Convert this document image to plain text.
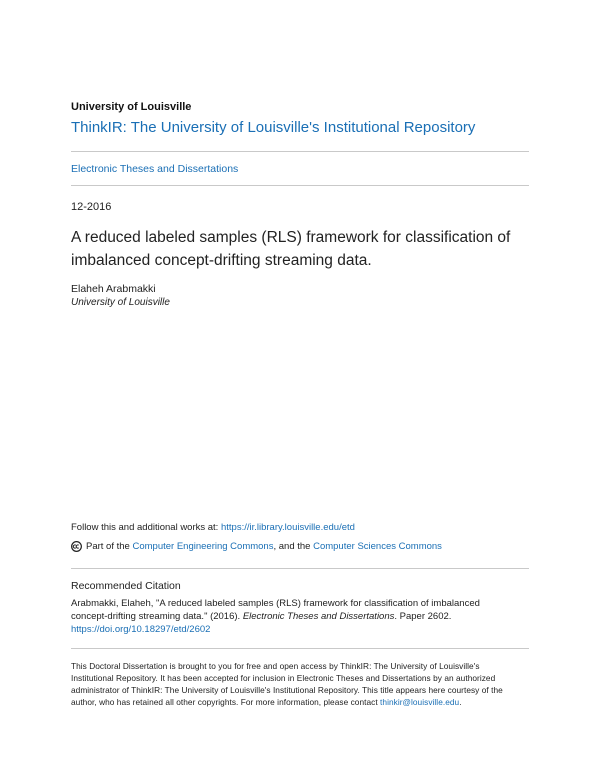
University of Louisville
ThinkIR: The University of Louisville's Institutional Repository
Electronic Theses and Dissertations
12-2016
A reduced labeled samples (RLS) framework for classification of
imbalanced concept-drifting streaming data.
Elaheh Arabmakki
University of Louisville
Follow this and additional works at: https://ir.library.louisville.edu/etd
Part of the
Computer Engineering Commons , and the
Computer Sciences Commons
Recommended Citation
Arabmakki, Elaheh, "A reduced labeled samples (RLS) framework for classification of imbalanced
concept-drifting streaming data." (2016). Electronic Theses and Dissertations. Paper 2602.
https://doi.org/10.18297/etd/2602
This Doctoral Dissertation is brought to you for free and open access by ThinkIR: The University of Louisville's
Institutional Repository. It has been accepted for inclusion in Electronic Theses and Dissertations by an authorized
administrator of ThinkIR: The University of Louisville's Institutional Repository. This title appears here courtesy of the
author, who has retained all other copyrights. For more information, please contact thinkir@louisville.edu.
